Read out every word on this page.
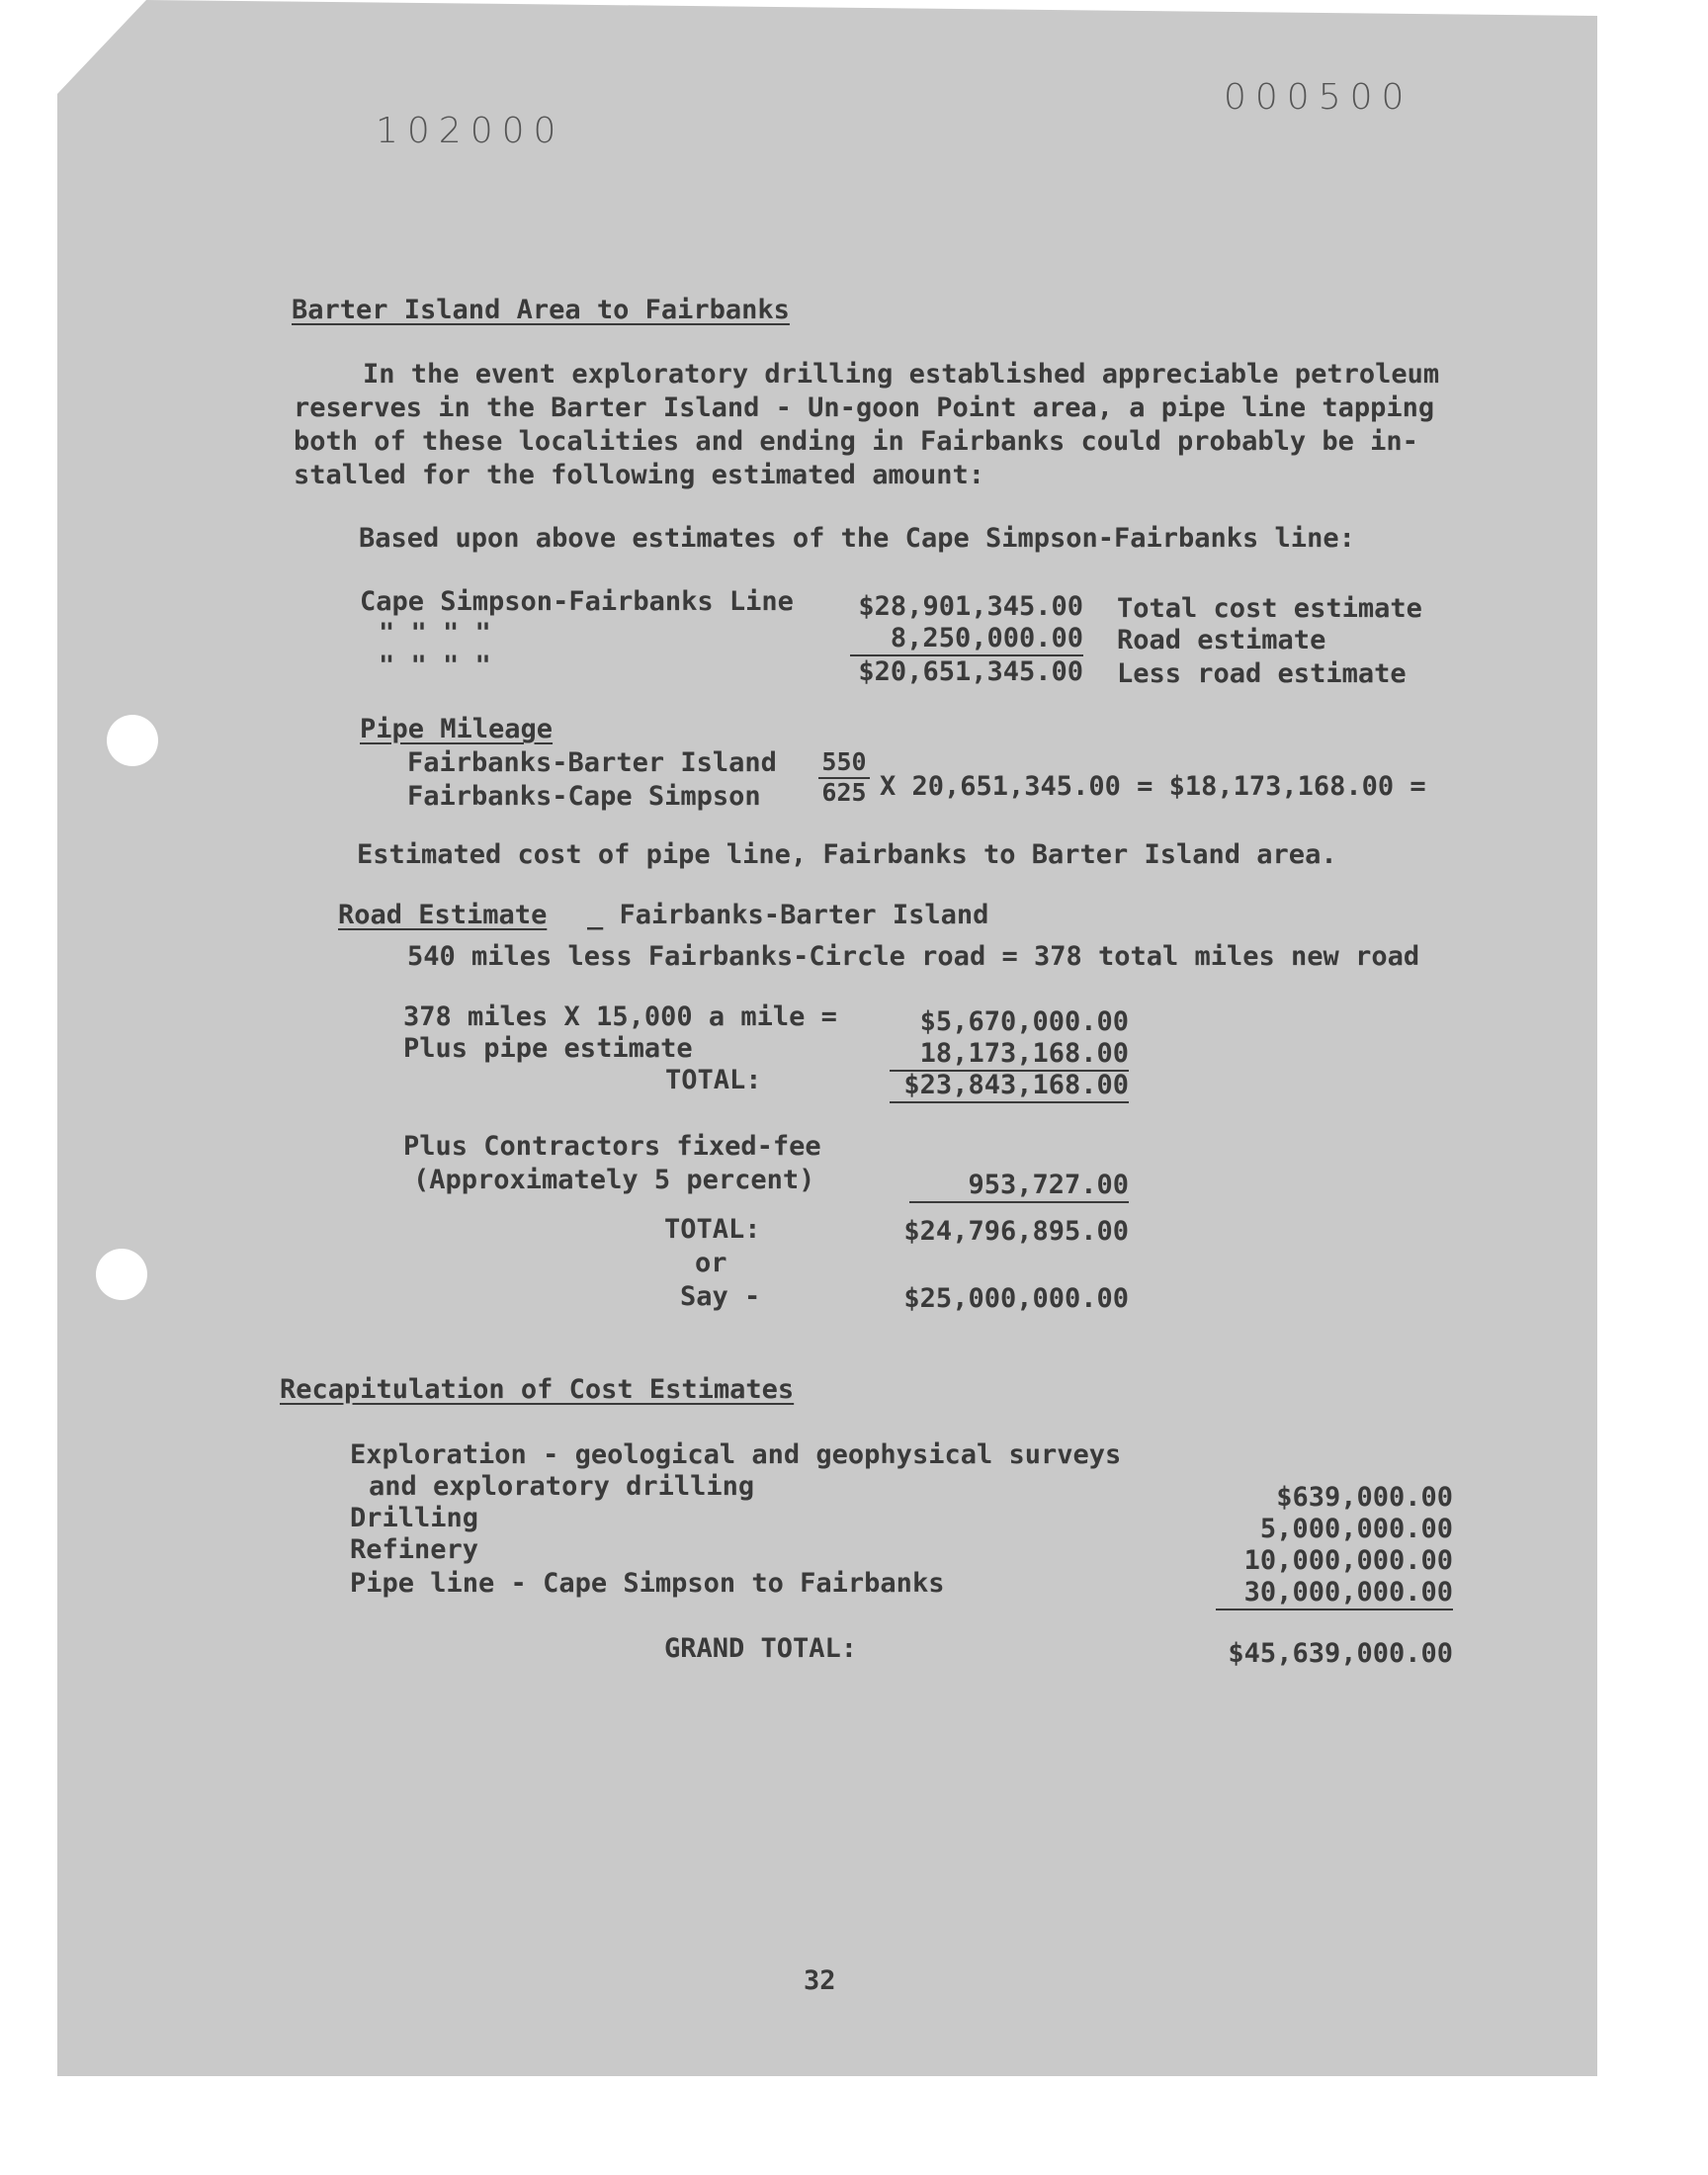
102000
000500
Barter Island Area to Fairbanks
In the event exploratory drilling established appreciable petroleum
reserves in the Barter Island - Un-goon Point area, a pipe line tapping
both of these localities and ending in Fairbanks could probably be in-
stalled for the following estimated amount:
Based upon above estimates of the Cape Simpson-Fairbanks line:
Cape Simpson-Fairbanks Line	$28,901,345.00 Total cost estimate
" " " "	8,250,000.00 Road estimate
" " " "	$20,651,345.00 Less road estimate
Pipe Mileage
Fairbanks-Barter Island
Fairbanks-Cape Simpson
550
625 X 20,651,345.00 = $18,173,168.00 =
Estimated cost of pipe line, Fairbanks to Barter Island area.
Road Estimate _ Fairbanks-Barter Island
540 miles less Fairbanks-Circle road = 378 total miles new road
378 miles X 15,000 a mile =	$5,670,000.00
Plus pipe estimate	18,173,168.00
TOTAL:	$23,843,168.00
Plus Contractors fixed-fee
(Approximately 5 percent)	953,727.00
TOTAL:	$24,796,895.00
or
Say -	$25,000,000.00
Recapitulation of Cost Estimates
Exploration - geological and geophysical surveys
and exploratory drilling	$639,000.00
Drilling	5,000,000.00
Refinery	10,000,000.00
Pipe line - Cape Simpson to Fairbanks	30,000,000.00
GRAND TOTAL:	$45,639,000.00
32
